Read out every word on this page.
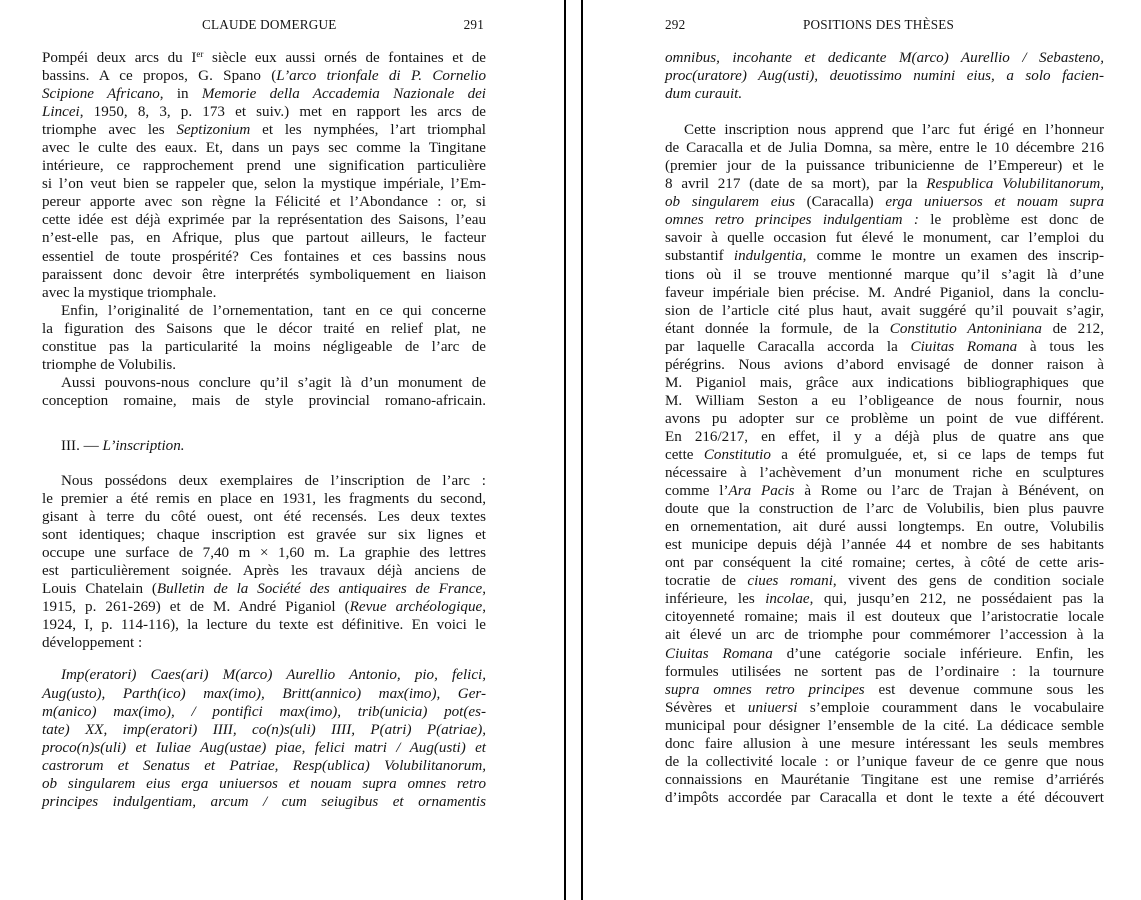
CLAUDE DOMERGUE	291
Pompéi deux arcs du Ier siècle eux aussi ornés de fontaines et de
bassins. A ce propos, G. Spano (L’arco trionfale di P. Cornelio
Scipione Africano, in Memorie della Accademia Nazionale dei
Lincei, 1950, 8, 3, p. 173 et suiv.) met en rapport les arcs de
triomphe avec les Septizonium et les nymphées, l’art triomphal
avec le culte des eaux. Et, dans un pays sec comme la Tingitane
intérieure, ce rapprochement prend une signification particulière
si l’on veut bien se rappeler que, selon la mystique impériale, l’Em-
pereur apporte avec son règne la Félicité et l’Abondance : or, si
cette idée est déjà exprimée par la représentation des Saisons, l’eau
n’est-elle pas, en Afrique, plus que partout ailleurs, le facteur
essentiel de toute prospérité? Ces fontaines et ces bassins nous
paraissent donc devoir être interprétés symboliquement en liaison
avec la mystique triomphale.
Enfin, l’originalité de l’ornementation, tant en ce qui concerne
la figuration des Saisons que le décor traité en relief plat, ne
constitue pas la particularité la moins négligeable de l’arc de
triomphe de Volubilis.
Aussi pouvons-nous conclure qu’il s’agit là d’un monument de
conception romaine, mais de style provincial romano-africain.
III. — L’inscription.
Nous possédons deux exemplaires de l’inscription de l’arc :
le premier a été remis en place en 1931, les fragments du second,
gisant à terre du côté ouest, ont été recensés. Les deux textes
sont identiques; chaque inscription est gravée sur six lignes et
occupe une surface de 7,40 m × 1,60 m. La graphie des lettres
est particulièrement soignée. Après les travaux déjà anciens de
Louis Chatelain (Bulletin de la Société des antiquaires de France,
1915, p. 261-269) et de M. André Piganiol (Revue archéologique,
1924, I, p. 114-116), la lecture du texte est définitive. En voici le
développement :
Imp(eratori) Caes(ari) M(arco) Aurellio Antonio, pio, felici,
Aug(usto), Parth(ico) max(imo), Britt(annico) max(imo), Ger-
m(anico) max(imo), / pontifici max(imo), trib(unicia) pot(es-
tate) XX, imp(eratori) IIII, co(n)s(uli) IIII, P(atri) P(atriae),
proco(n)s(uli) et Iuliae Aug(ustae) piae, felici matri / Aug(usti) et
castrorum et Senatus et Patriae, Resp(ublica) Volubilitanorum,
ob singularem eius erga uniuersos et nouam supra omnes retro
principes indulgentiam, arcum / cum seiugibus et ornamentis
292	POSITIONS DES THÈSES
omnibus, incohante et dedicante M(arco) Aurellio / Sebasteno,
proc(uratore) Aug(usti), deuotissimo numini eius, a solo facien-
dum curauit.
Cette inscription nous apprend que l’arc fut érigé en l’honneur
de Caracalla et de Julia Domna, sa mère, entre le 10 décembre 216
(premier jour de la puissance tribunicienne de l’Empereur) et le
8 avril 217 (date de sa mort), par la Respublica Volubilitanorum,
ob singularem eius (Caracalla) erga uniuersos et nouam supra
omnes retro principes indulgentiam : le problème est donc de
savoir à quelle occasion fut élevé le monument, car l’emploi du
substantif indulgentia, comme le montre un examen des inscrip-
tions où il se trouve mentionné marque qu’il s’agit là d’une
faveur impériale bien précise. M. André Piganiol, dans la conclu-
sion de l’article cité plus haut, avait suggéré qu’il pouvait s’agir,
étant donnée la formule, de la Constitutio Antoniniana de 212,
par laquelle Caracalla accorda la Ciuitas Romana à tous les
pérégrins. Nous avions d’abord envisagé de donner raison à
M. Piganiol mais, grâce aux indications bibliographiques que
M. William Seston a eu l’obligeance de nous fournir, nous
avons pu adopter sur ce problème un point de vue différent.
En 216/217, en effet, il y a déjà plus de quatre ans que
cette Constitutio a été promulguée, et, si ce laps de temps fut
nécessaire à l’achèvement d’un monument riche en sculptures
comme l’Ara Pacis à Rome ou l’arc de Trajan à Bénévent, on
doute que la construction de l’arc de Volubilis, bien plus pauvre
en ornementation, ait duré aussi longtemps. En outre, Volubilis
est municipe depuis déjà l’année 44 et nombre de ses habitants
ont par conséquent la cité romaine; certes, à côté de cette aris-
tocratie de ciues romani, vivent des gens de condition sociale
inférieure, les incolae, qui, jusqu’en 212, ne possédaient pas la
citoyenneté romaine; mais il est douteux que l’aristocratie locale
ait élevé un arc de triomphe pour commémorer l’accession à la
Ciuitas Romana d’une catégorie sociale inférieure. Enfin, les
formules utilisées ne sortent pas de l’ordinaire : la tournure
supra omnes retro principes est devenue commune sous les
Sévères et uniuersi s’emploie couramment dans le vocabulaire
municipal pour désigner l’ensemble de la cité. La dédicace semble
donc faire allusion à une mesure intéressant les seuls membres
de la collectivité locale : or l’unique faveur de ce genre que nous
connaissions en Maurétanie Tingitane est une remise d’arriérés
d’impôts accordée par Caracalla et dont le texte a été découvert
